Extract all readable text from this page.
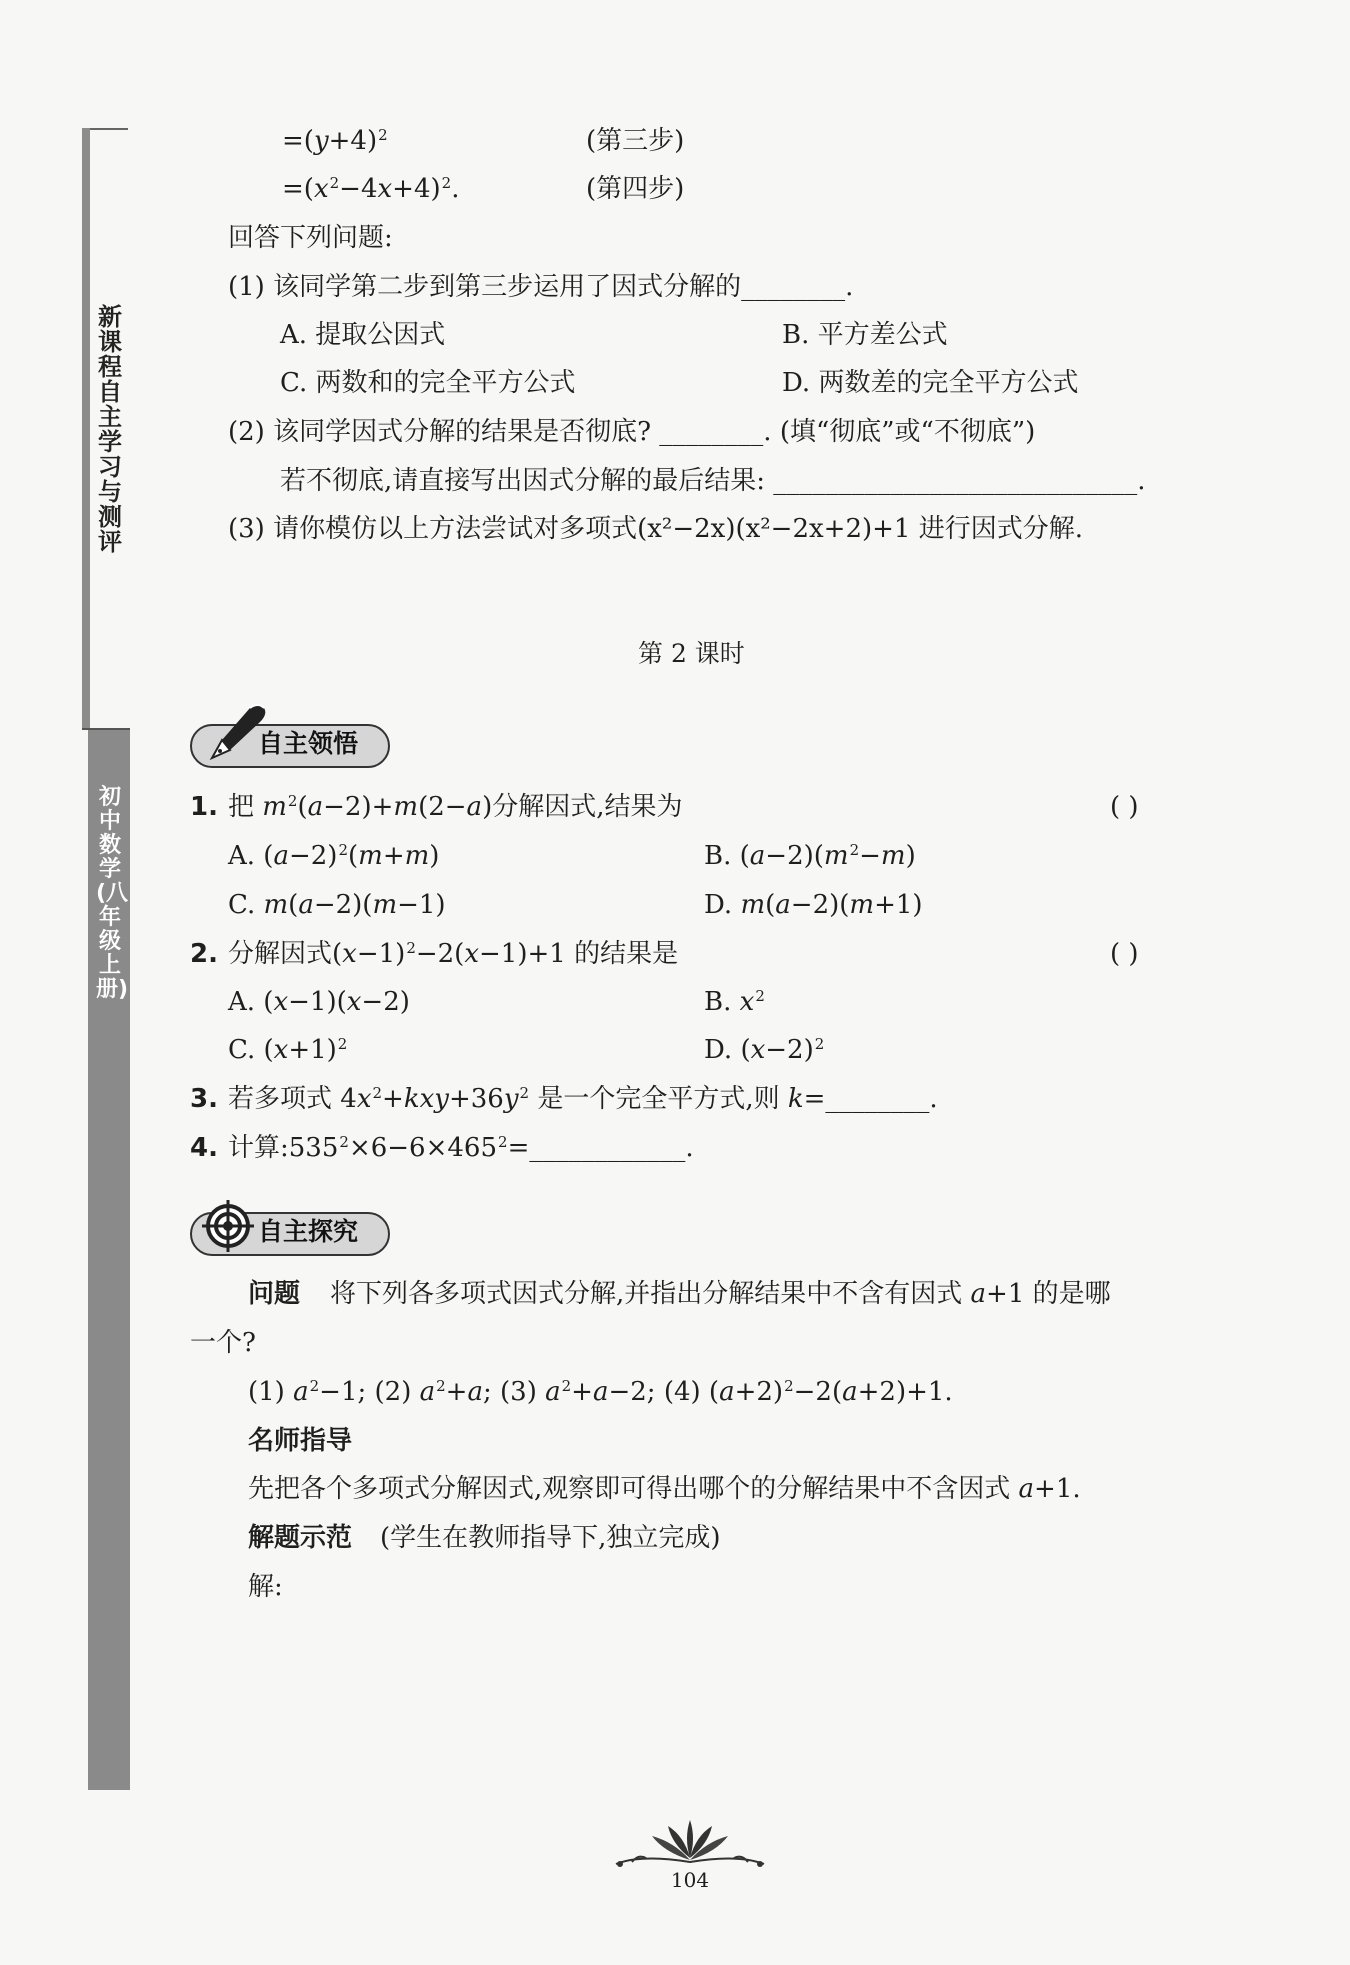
新课程自主学习与测评
初中数学(八年级上册)
$=(y+4)^2$	(第三步)
$=(x^2-4x+4)^2$.	(第四步)
回答下列问题:
(1) 该同学第二步到第三步运用了因式分解的________.
A. 提取公因式	B. 平方差公式
C. 两数和的完全平方公式	D. 两数差的完全平方公式
(2) 该同学因式分解的结果是否彻底? ________. (填“彻底”或“不彻底”)
若不彻底,请直接写出因式分解的最后结果: ____________________________.
(3) 请你模仿以上方法尝试对多项式(x²−2x)(x²−2x+2)+1 进行因式分解.
第 2 课时
自主领悟
1. 把 $m^2(a-2)+m(2-a)$分解因式,结果为	( )
A. $(a-2)^2(m+m)$	B. $(a-2)(m^2-m)$
C. m(a−2)(m−1)	D. m(a−2)(m+1)
2. 分解因式$(x-1)^2-2(x-1)+1$ 的结果是	( )
A. (x−1)(x−2)	B. $x^2$
C. $(x+1)^2$	D. $(x-2)^2$
3. 若多项式 $4x^2+kxy+36y^2$ 是一个完全平方式,则 k=________.
4. 计算$:535^2\times 6-6\times 465^2=\_\_\_\_\_\_\_\_\_\_\_\_$.
自主探究
问题 将下列各多项式因式分解,并指出分解结果中不含有因式 a+1 的是哪
一个?
(1) $a^2-1$; (2) $a^2+a$; (3) $a^2+a-2$; (4) $(a+2)^2-2(a+2)+1$.
名师指导
先把各个多项式分解因式,观察即可得出哪个的分解结果中不含因式 a+1.
解题示范 (学生在教师指导下,独立完成)
解:
104
